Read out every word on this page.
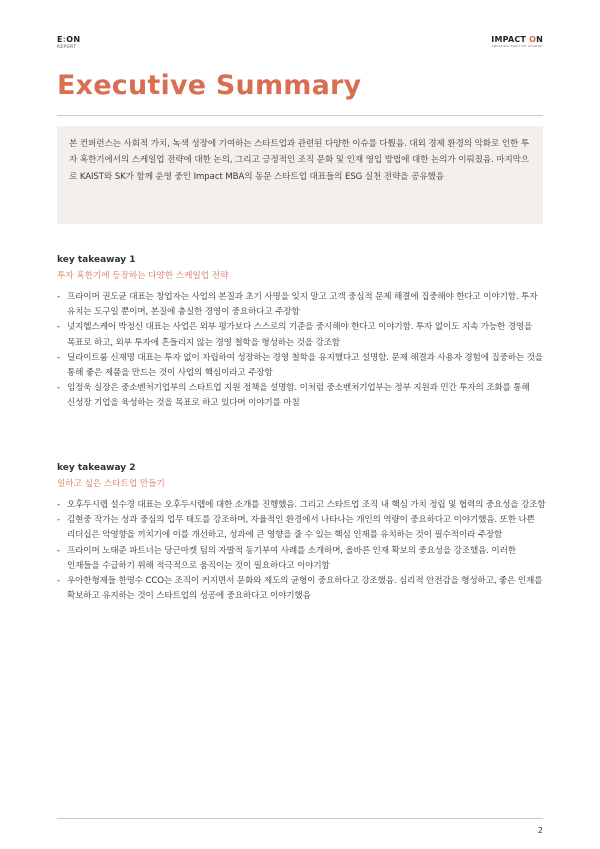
E:ON
REPORT
IMPACT ON
CREATING POSITIVE CHANGE
Executive Summary
본 컨퍼런스는 사회적 가치, 녹색 성장에 기여하는 스타트업과 관련된 다양한 이슈를 다뤘음. 대외 경제 환경의 악화로 인한 투자 혹한기에서의 스케일업 전략에 대한 논의, 그리고 긍정적인 조직 문화 및 인재 영입 방법에 대한 논의가 이뤄졌음. 마지막으로 KAIST와 SK가 함께 운영 중인 Impact MBA의 동문 스타트업 대표들의 ESG 실천 전략을 공유했음
key takeaway 1
투자 혹한기에 등장하는 다양한 스케일업 전략
- 프라이머 권도균 대표는 창업자는 사업의 본질과 초기 사명을 잊지 말고 고객 중심적 문제 해결에 집중해야 한다고 이야기함. 투자 유치는 도구일 뿐이며, 본질에 충실한 경영이 중요하다고 주장함
- 넛지헬스케어 박정신 대표는 사업은 외부 평가보다 스스로의 기준을 중시해야 한다고 이야기함. 투자 없이도 지속 가능한 경영을 목표로 하고, 외부 투자에 흔들리지 않는 경영 철학을 형성하는 것을 강조함
- 딜라이트룸 신재명 대표는 투자 없이 자립하여 성장하는 경영 철학을 유지했다고 설명함. 문제 해결과 사용자 경험에 집중하는 것을 통해 좋은 제품을 만드는 것이 사업의 핵심이라고 주장함
- 임정욱 실장은 중소벤처기업부의 스타트업 지원 정책을 설명함. 이처럼 중소벤처기업부는 정부 지원과 민간 투자의 조화를 통해 신성장 기업을 육성하는 것을 목표로 하고 있다며 이야기를 마침
key takeaway 2
일하고 싶은 스타트업 만들기
- 오후두시랩 설수경 대표는 오후두시랩에 대한 소개를 진행했음. 그리고 스타트업 조직 내 핵심 가치 정립 및 협력의 중요성을 강조함
- 김현중 작가는 성과 중심의 업무 태도를 강조하며, 자율적인 환경에서 나타나는 개인의 역량이 중요하다고 이야기했음. 또한 나쁜 리더십은 악영향을 끼치기에 이를 개선하고, 성과에 큰 영향을 줄 수 있는 핵심 인재를 유치하는 것이 필수적이라 주장함
- 프라이머 노태준 파트너는 당근마켓 팀의 자발적 동기부여 사례를 소개하며, 올바른 인재 확보의 중요성을 강조했음. 이러한 인재들을 수급하기 위해 적극적으로 움직이는 것이 필요하다고 이야기함
- 우아한형제들 한명수 CCO는 조직이 커지면서 문화와 제도의 균형이 중요하다고 강조했음. 심리적 안전감을 형성하고, 좋은 인재를 확보하고 유지하는 것이 스타트업의 성공에 중요하다고 이야기했음
2
